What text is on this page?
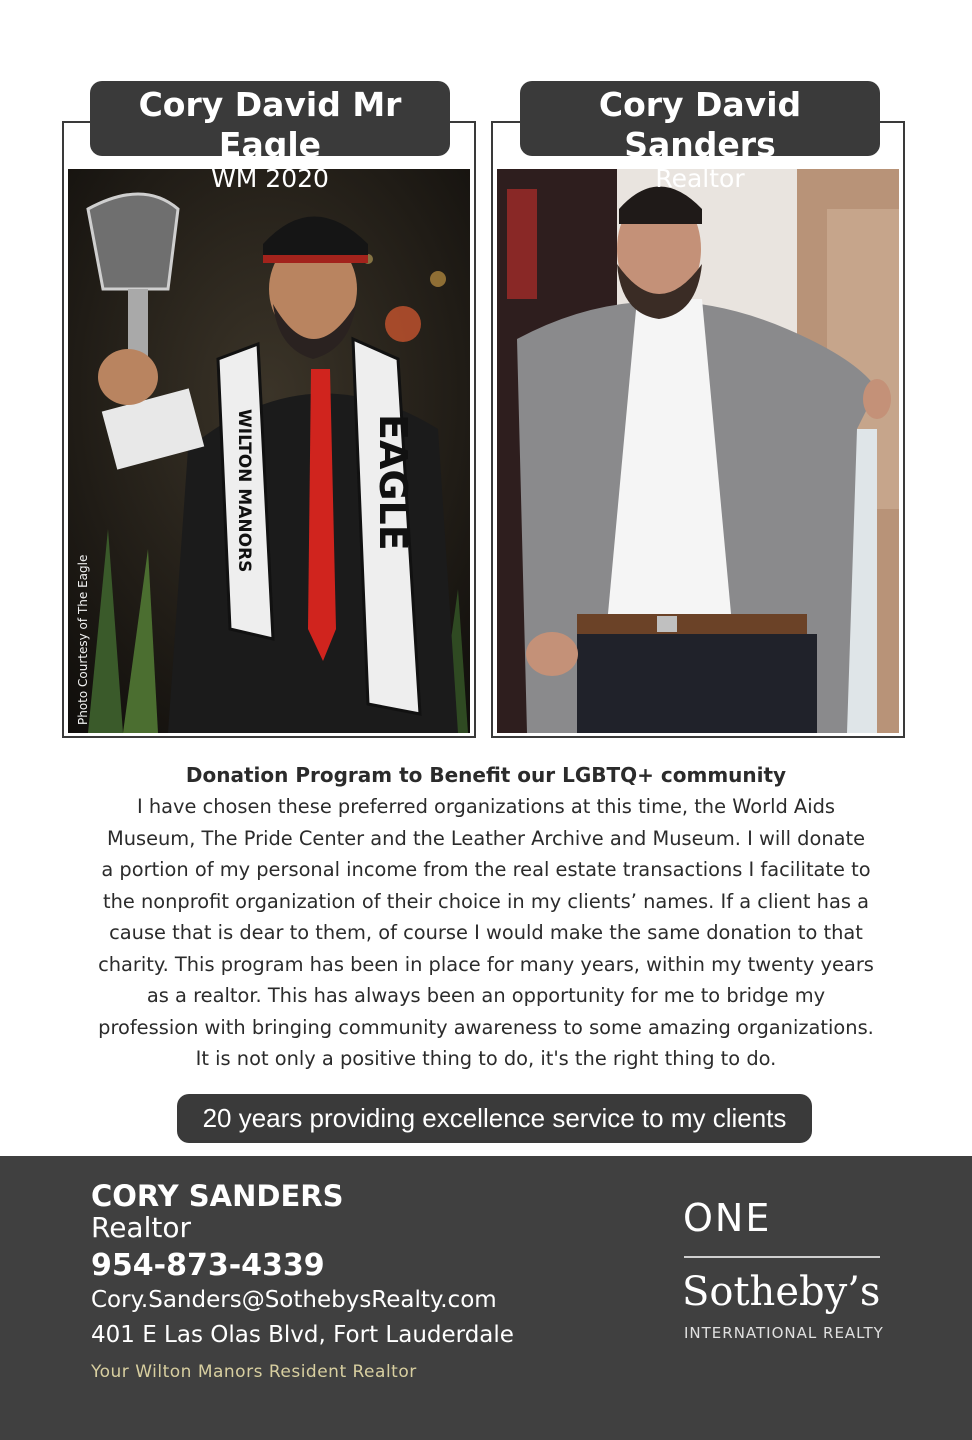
WILTON MANORS	EAGLE
Photo Courtesy of The Eagle
Cory David Mr Eagle
WM 2020
Cory David Sanders
Realtor
Donation Program to Benefit our LGBTQ+ community
I have chosen these preferred organizations at this time, the World Aids
Museum, The Pride Center and the Leather Archive and Museum. I will donate
a portion of my personal income from the real estate transactions I facilitate to
the nonprofit organization of their choice in my clients’ names. If a client has a
cause that is dear to them, of course I would make the same donation to that
charity. This program has been in place for many years, within my twenty years
as a realtor. This has always been an opportunity for me to bridge my
profession with bringing community awareness to some amazing organizations.
It is not only a positive thing to do, it's the right thing to do.
20 years providing excellence service to my clients
CORY SANDERS
Realtor
954-873-4339
Cory.Sanders@SothebysRealty.com
401 E Las Olas Blvd, Fort Lauderdale
Your Wilton Manors Resident Realtor
ONE
Sotheby’s
INTERNATIONAL REALTY
